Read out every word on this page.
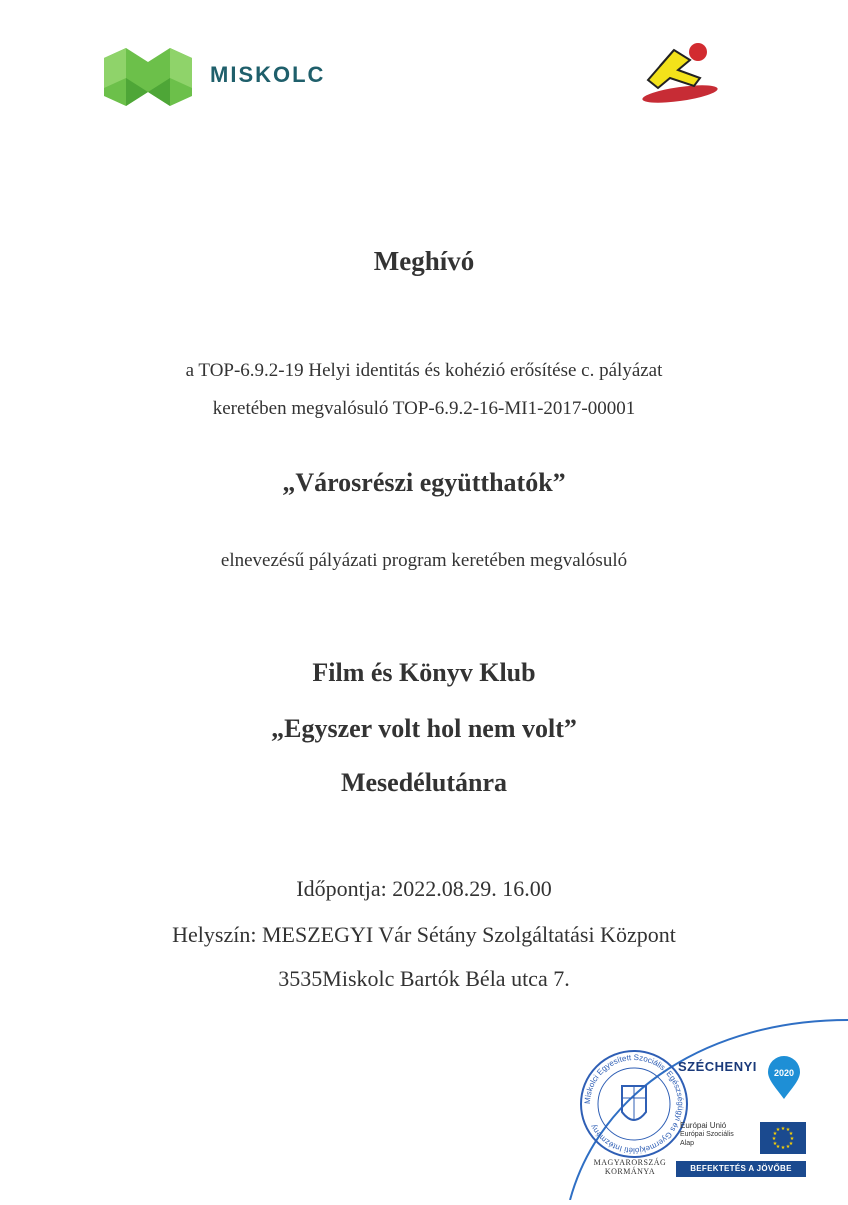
MISKOLC
Meghívó
a TOP-6.9.2-19 Helyi identitás és kohézió erősítése c. pályázat
keretében megvalósuló TOP-6.9.2-16-MI1-2017-00001
„Városrészi együtthatók”
elnevezésű pályázati program keretében megvalósuló
Film és Könyv Klub
„Egyszer volt hol nem volt”
Mesedélutánra
Időpontja: 2022.08.29. 16.00
Helyszín: MESZEGYI Vár Sétány Szolgáltatási Központ
3535Miskolc Bartók Béla utca 7.
Miskolci Egyesített Szociális, Egészségügyi és Gyermekjóléti Intézmény
MAGYARORSZÁG
KORMÁNYA
SZÉCHENYI 2020
Európai Unió
Európai Szociális
Alap
★ ★
★
★
★
★
★
★
★
★
★
★
BEFEKTETÉS A JÖVŐBE
